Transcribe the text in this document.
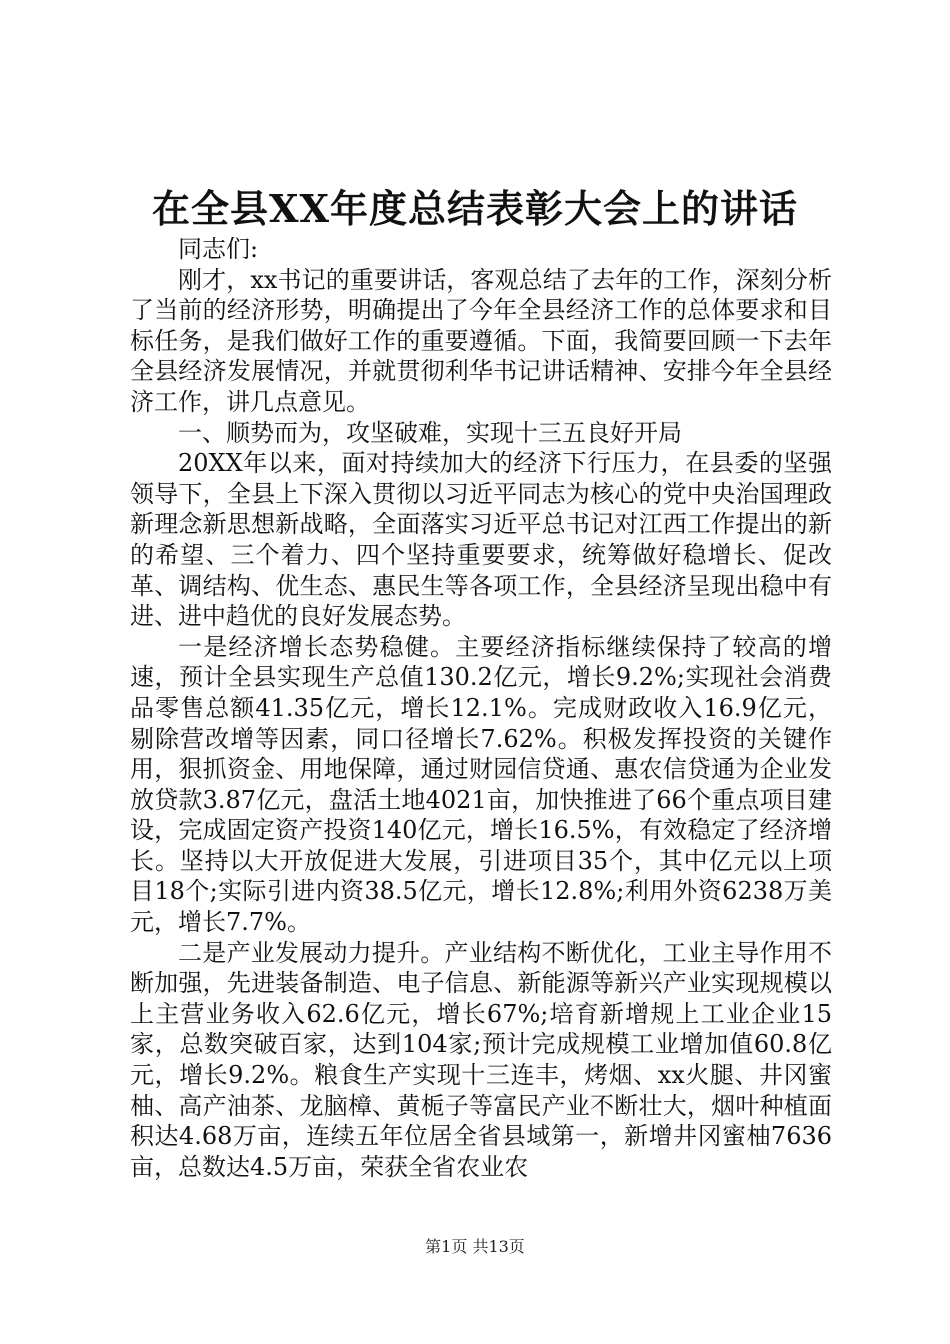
在全县XX年度总结表彰大会上的讲话

同志们:

刚才，xx书记的重要讲话，客观总结了去年的工作，深刻分析了当前的经济形势，明确提出了今年全县经济工作的总体要求和目标任务，是我们做好工作的重要遵循。下面，我简要回顾一下去年全县经济发展情况，并就贯彻利华书记讲话精神、安排今年全县经济工作，讲几点意见。

一、顺势而为，攻坚破难，实现十三五良好开局

20XX年以来，面对持续加大的经济下行压力，在县委的坚强领导下，全县上下深入贯彻以习近平同志为核心的党中央治国理政新理念新思想新战略，全面落实习近平总书记对江西工作提出的新的希望、三个着力、四个坚持重要要求，统筹做好稳增长、促改革、调结构、优生态、惠民生等各项工作，全县经济呈现出稳中有进、进中趋优的良好发展态势。

一是经济增长态势稳健。主要经济指标继续保持了较高的增速，预计全县实现生产总值130.2亿元，增长9.2%;实现社会消费品零售总额41.35亿元，增长12.1%。完成财政收入16.9亿元，剔除营改增等因素，同口径增长7.62%。积极发挥投资的关键作用，狠抓资金、用地保障，通过财园信贷通、惠农信贷通为企业发放贷款3.87亿元，盘活土地4021亩，加快推进了66个重点项目建设，完成固定资产投资140亿元，增长16.5%，有效稳定了经济增长。坚持以大开放促进大发展，引进项目35个，其中亿元以上项目18个;实际引进内资38.5亿元，增长12.8%;利用外资6238万美元，增长7.7%。

二是产业发展动力提升。产业结构不断优化，工业主导作用不断加强，先进装备制造、电子信息、新能源等新兴产业实现规模以上主营业务收入62.6亿元，增长67%;培育新增规上工业企业15家，总数突破百家，达到104家;预计完成规模工业增加值60.8亿元，增长9.2%。粮食生产实现十三连丰，烤烟、xx火腿、井冈蜜柚、高产油茶、龙脑樟、黄栀子等富民产业不断壮大，烟叶种植面积达4.68万亩，连续五年位居全省县域第一，新增井冈蜜柚7636亩，总数达4.5万亩，荣获全省农业农

第1页 共13页
